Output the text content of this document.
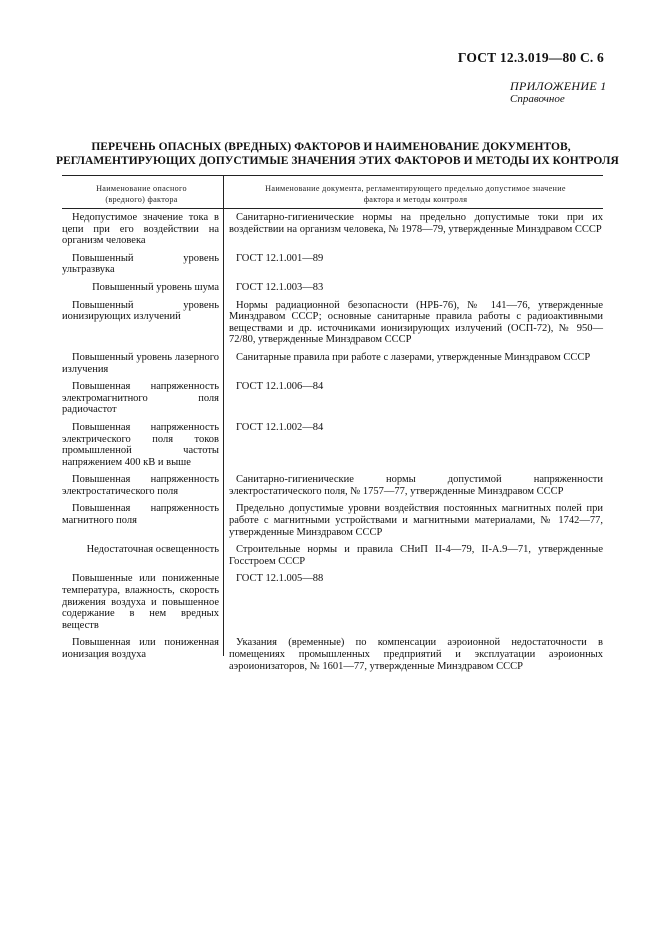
ГОСТ 12.3.019—80 С. 6
ПРИЛОЖЕНИЕ 1
Справочное
ПЕРЕЧЕНЬ ОПАСНЫХ (ВРЕДНЫХ) ФАКТОРОВ И НАИМЕНОВАНИЕ ДОКУМЕНТОВ,
РЕГЛАМЕНТИРУЮЩИХ ДОПУСТИМЫЕ ЗНАЧЕНИЯ ЭТИХ ФАКТОРОВ И МЕТОДЫ ИХ КОНТРОЛЯ
Наименование опасного
(вредного) фактора
Наименование документа, регламентирующего предельно допустимое значение
фактора и методы контроля
Недопустимое значение тока в цепи при его воздействии на организм человека
Санитарно-гигиенические нормы на предельно допустимые токи при их воздействии на организм человека, № 1978—79, утвержденные Минздравом СССР
Повышенный уровень ультразвука
ГОСТ 12.1.001—89
Повышенный уровень шума	ГОСТ 12.1.003—83
Повышенный уровень ионизирующих излучений
Нормы радиационной безопасности (НРБ-76), № 141—76, утвержденные Минздравом СССР; основные санитарные правила работы с радиоактивными веществами и др. источниками ионизирующих излучений (ОСП-72), № 950—72/80, утвержденные Минздравом СССР
Повышенный уровень лазерного излучения
Санитарные правила при работе с лазерами, утвержденные Минздравом СССР
Повышенная напряженность электромагнитного поля радиочастот
ГОСТ 12.1.006—84
Повышенная напряженность электрического поля токов промышленной частоты напряжением 400 кВ и выше
ГОСТ 12.1.002—84
Повышенная напряженность электростатического поля
Санитарно-гигиенические нормы допустимой напряженности электростатического поля, № 1757—77, утвержденные Минздравом СССР
Повышенная напряженность магнитного поля
Предельно допустимые уровни воздействия постоянных магнитных полей при работе с магнитными устройствами и магнитными материалами, № 1742—77, утвержденные Минздравом СССР
Недостаточная освещенность	Строительные нормы и правила СНиП II-4—79, II-А.9—71, утвержденные Госстроем СССР
Повышенные или пониженные температура, влажность, скорость движения воздуха и повышенное содержание в нем вредных веществ
ГОСТ 12.1.005—88
Повышенная или пониженная ионизация воздуха
Указания (временные) по компенсации аэроионной недостаточности в помещениях промышленных предприятий и эксплуатации аэроионных аэроионизаторов, № 1601—77, утвержденные Минздравом СССР
